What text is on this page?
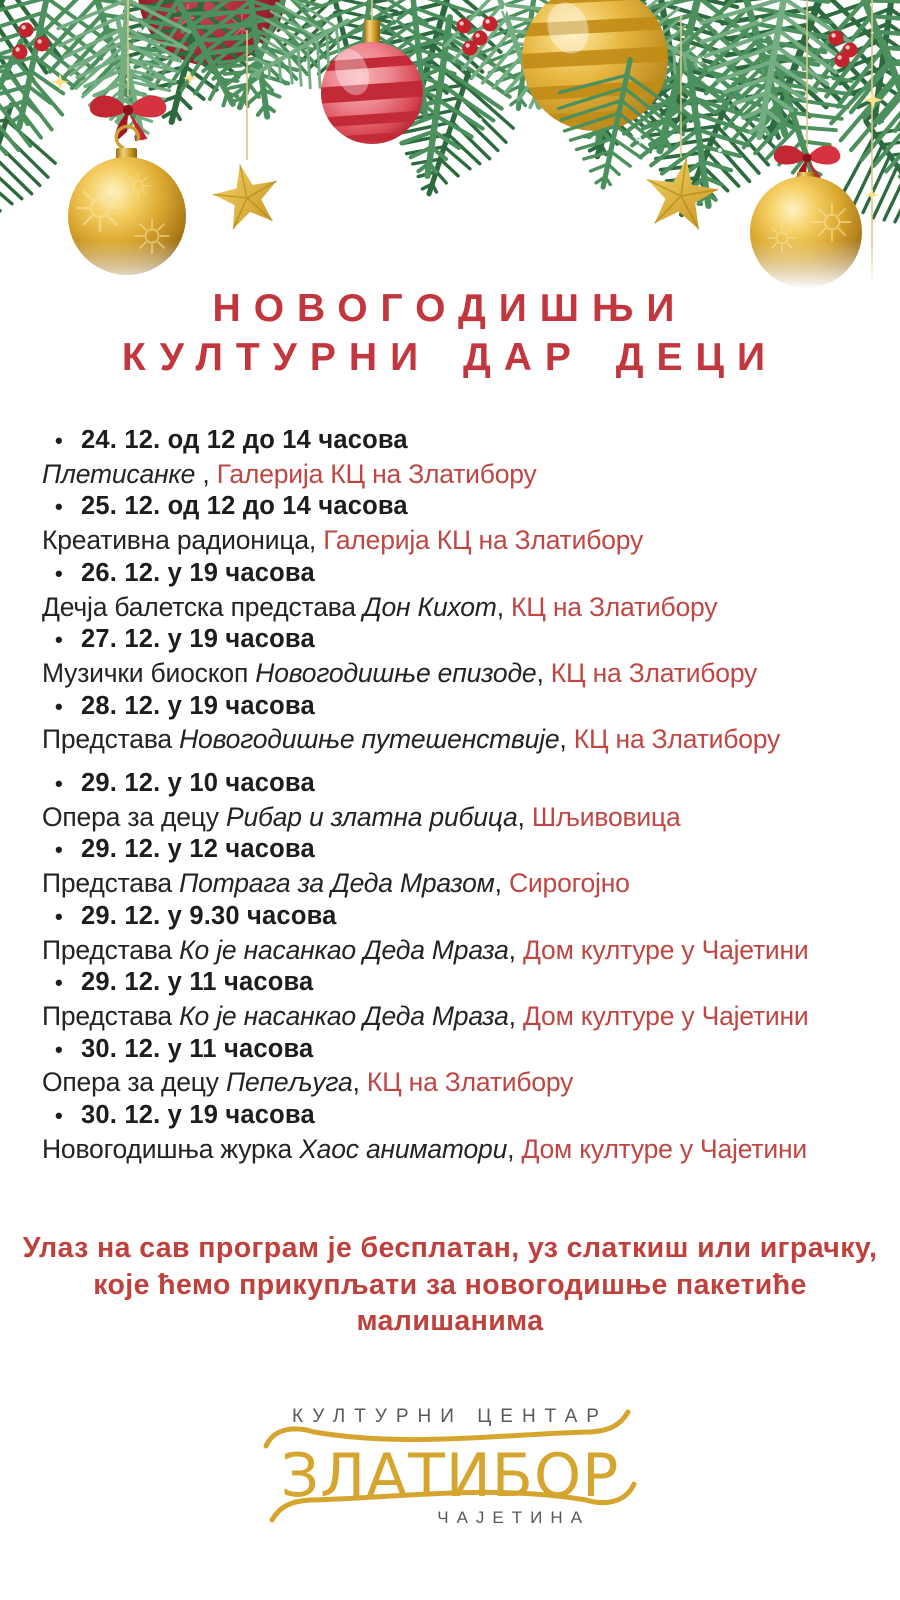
НОВОГОДИШЊИ
КУЛТУРНИ ДАР ДЕЦИ
• 24. 12. од 12 до 14 часова
Плетисанке , Галерија КЦ на Златибору
• 25. 12. од 12 до 14 часова
Креативна радионица, Галерија КЦ на Златибору
• 26. 12. у 19 часова
Дечја балетска представа Дон Кихот, КЦ на Златибору
• 27. 12. у 19 часова
Музички биоскоп Новогодишње епизоде, КЦ на Златибору
• 28. 12. у 19 часова
Представа Новогодишње путешенствије, КЦ на Златибору
• 29. 12. у 10 часова
Опера за децу Рибар и златна рибица, Шљивовица
• 29. 12. у 12 часова
Представа Потрага за Деда Мразом, Сирогојно
• 29. 12. у 9.30 часова
Представа Ко је насанкао Деда Мраза, Дом културе у Чајетини
• 29. 12. у 11 часова
Представа Ко је насанкао Деда Мраза, Дом културе у Чајетини
• 30. 12. у 11 часова
Опера за децу Пепељуга, КЦ на Златибору
• 30. 12. у 19 часова
Новогодишња журка Хаос аниматори, Дом културе у Чајетини
Улаз на сав програм је бесплатан, уз слаткиш или играчку,
које ћемо прикупљати за новогодишње пакетиће малишанима
КУЛТУРНИ ЦЕНТАР
ЗЛАТИБОР
ЧАЈЕТИНА
